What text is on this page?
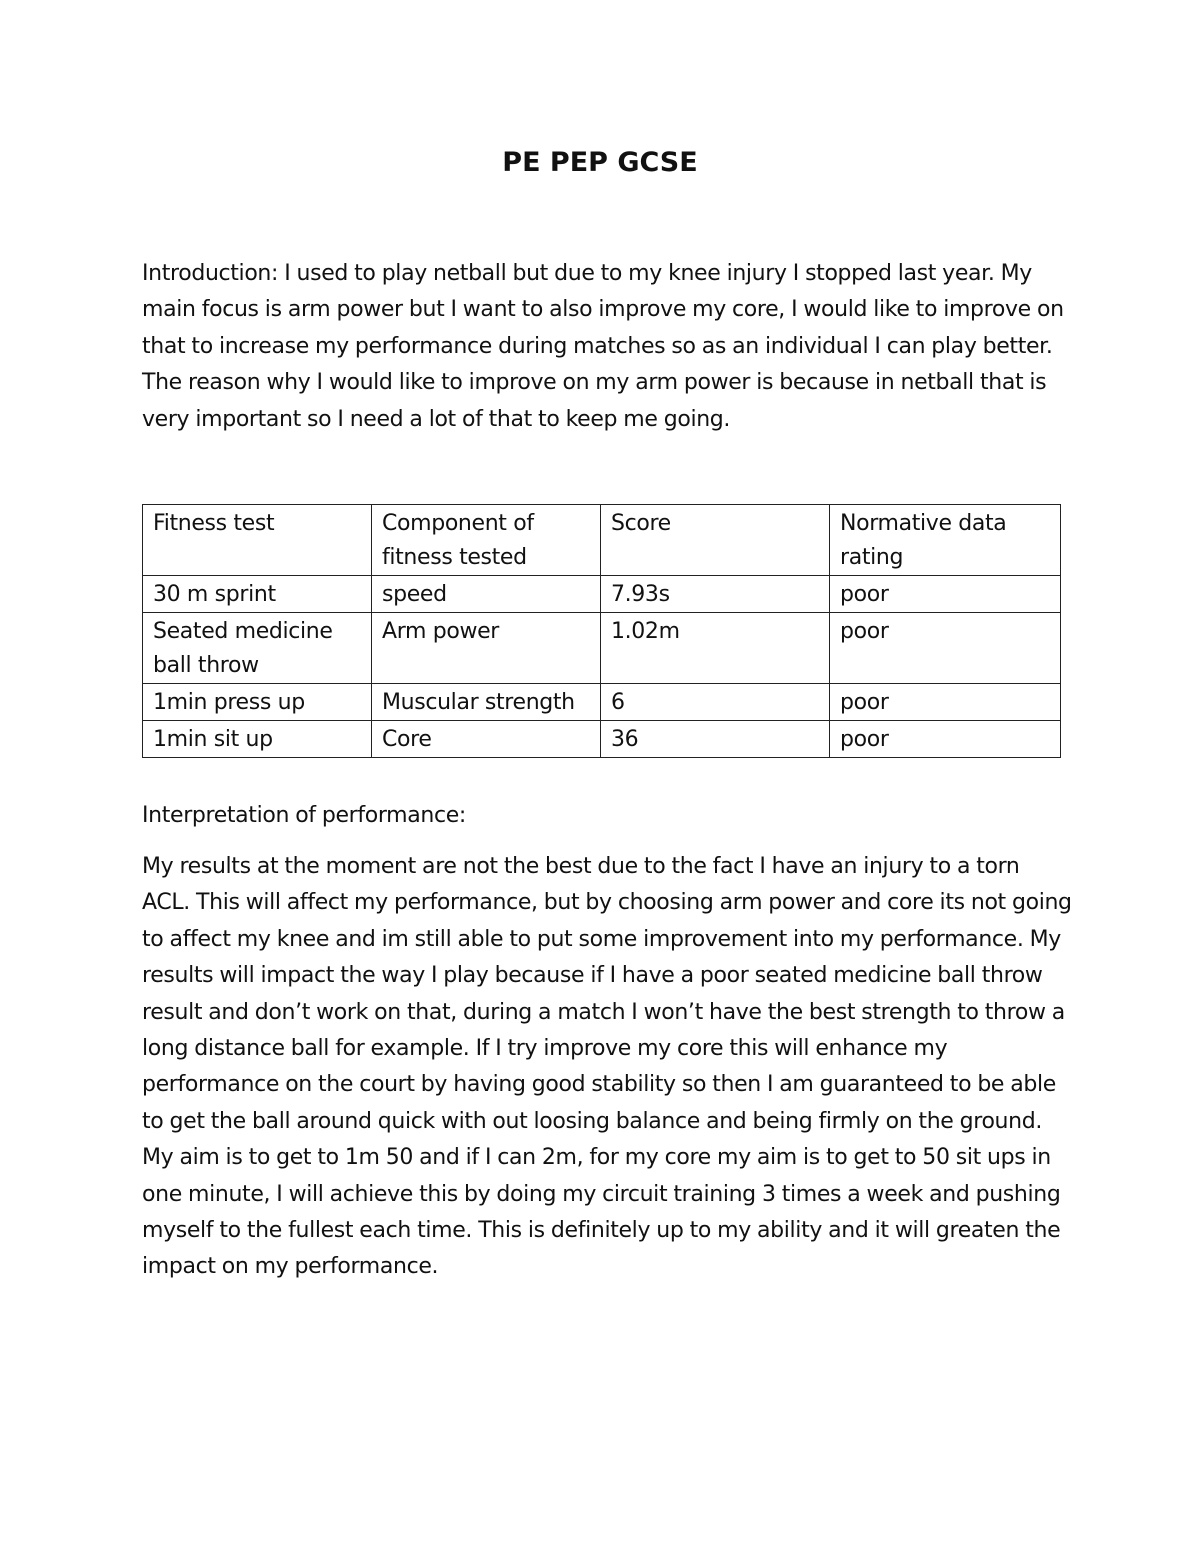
PE PEP GCSE

Introduction: I used to play netball but due to my knee injury I stopped last year. My main focus is arm power but I want to also improve my core, I would like to improve on that to increase my performance during matches so as an individual I can play better. The reason why I would like to improve on my arm power is because in netball that is very important so I need a lot of that to keep me going.

Fitness test	Component of fitness tested	Score	Normative data rating
30 m sprint	speed	7.93s	poor
Seated medicine ball throw	Arm power	1.02m	poor
1min press up	Muscular strength	6	poor
1min sit up	Core	36	poor

Interpretation of performance:

My results at the moment are not the best due to the fact I have an injury to a torn ACL. This will affect my performance, but by choosing arm power and core its not going to affect my knee and im still able to put some improvement into my performance. My results will impact the way I play because if I have a poor seated medicine ball throw result and don’t work on that, during a match I won’t have the best strength to throw a long distance ball for example. If I try improve my core this will enhance my performance on the court by having good stability so then I am guaranteed to be able to get the ball around quick with out loosing balance and being firmly on the ground. My aim is to get to 1m 50 and if I can 2m, for my core my aim is to get to 50 sit ups in one minute, I will achieve this by doing my circuit training 3 times a week and pushing myself to the fullest each time. This is definitely up to my ability and it will greaten the impact on my performance.
